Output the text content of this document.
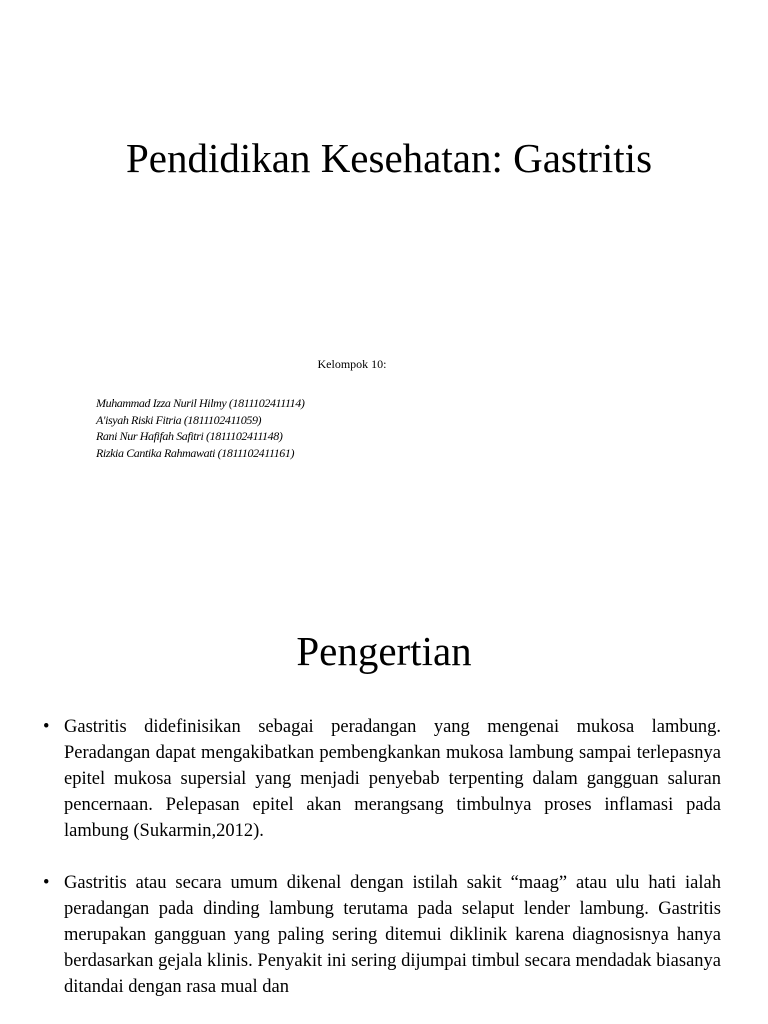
Pendidikan Kesehatan: Gastritis
Kelompok 10:
Muhammad Izza Nuril Hilmy (1811102411114)
A'isyah Riski Fitria (1811102411059)
Rani Nur Hafifah Safitri (1811102411148)
Rizkia Cantika Rahmawati (1811102411161)
Pengertian
• Gastritis didefinisikan sebagai peradangan yang mengenai mukosa lambung. Peradangan dapat mengakibatkan pembengkankan mukosa lambung sampai terlepasnya epitel mukosa supersial yang menjadi penyebab terpenting dalam gangguan saluran pencernaan. Pelepasan epitel akan merangsang timbulnya proses inflamasi pada lambung (Sukarmin,2012).
• Gastritis atau secara umum dikenal dengan istilah sakit “maag” atau ulu hati ialah peradangan pada dinding lambung terutama pada selaput lender lambung. Gastritis merupakan gangguan yang paling sering ditemui diklinik karena diagnosisnya hanya berdasarkan gejala klinis. Penyakit ini sering dijumpai timbul secara mendadak biasanya ditandai dengan rasa mual dan
